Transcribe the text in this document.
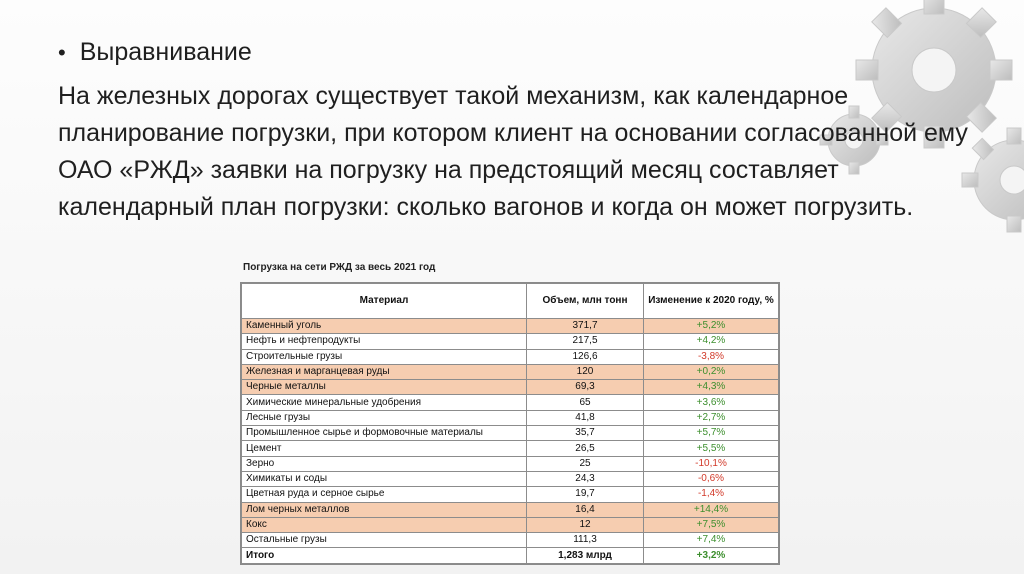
• Выравнивание
На железных дорогах существует такой механизм, как календарное планирование погрузки, при котором клиент на основании согласованной ему ОАО «РЖД» заявки на погрузку на предстоящий месяц составляет календарный план погрузки: сколько вагонов и когда он может погрузить.
Погрузка на сети РЖД за весь 2021 год
Материал	Объем, млн тонн	Изменение к 2020 году, %
Каменный уголь	371,7	+5,2%
Нефть и нефтепродукты	217,5	+4,2%
Строительные грузы	126,6	-3,8%
Железная и марганцевая руды	120	+0,2%
Черные металлы	69,3	+4,3%
Химические минеральные удобрения	65	+3,6%
Лесные грузы	41,8	+2,7%
Промышленное сырье и формовочные материалы	35,7	+5,7%
Цемент	26,5	+5,5%
Зерно	25	-10,1%
Химикаты и соды	24,3	-0,6%
Цветная руда и серное сырье	19,7	-1,4%
Лом черных металлов	16,4	+14,4%
Кокс	12	+7,5%
Остальные грузы	111,3	+7,4%
Итого	1,283 млрд	+3,2%
